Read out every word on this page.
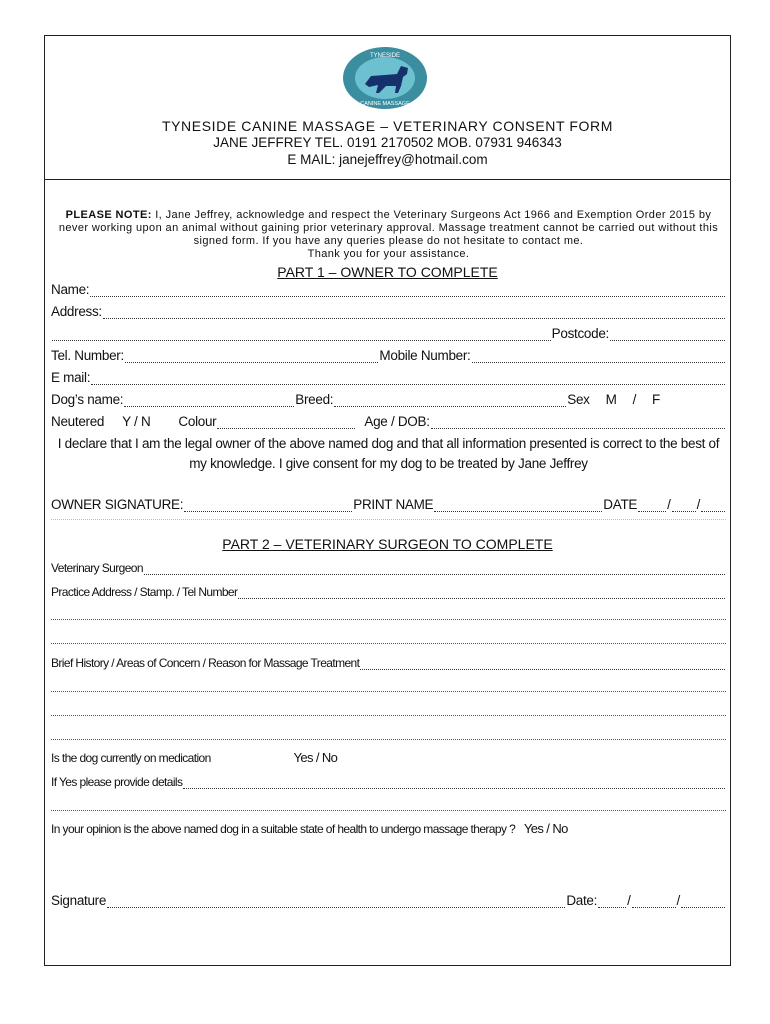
TYNESIDE
CANINE MASSAGE
TYNESIDE CANINE MASSAGE – VETERINARY CONSENT FORM
JANE JEFFREY TEL. 0191 2170502 MOB. 07931 946343
E MAIL: janejeffrey@hotmail.com
PLEASE NOTE: I, Jane Jeffrey, acknowledge and respect the Veterinary Surgeons Act 1966 and Exemption Order 2015 by never working upon an animal without gaining prior veterinary approval. Massage treatment cannot be carried out without this signed form. If you have any queries please do not hesitate to contact me.
Thank you for your assistance.
PART 1 – OWNER TO COMPLETE
Name:
Address:
Postcode:
Tel. Number:	Mobile Number:
E mail:
Dog’s name:	Breed:	Sex M / F
Neutered Y / N Colour	Age / DOB:
I declare that I am the legal owner of the above named dog and that all information presented is correct to the best of my knowledge. I give consent for my dog to be treated by Jane Jeffrey
OWNER SIGNATURE:	PRINT NAME	DATE / /
PART 2 – VETERINARY SURGEON TO COMPLETE
Veterinary Surgeon
Practice Address / Stamp. / Tel Number
Brief History / Areas of Concern / Reason for Massage Treatment
Is the dog currently on medication	Yes / No
If Yes please provide details
In your opinion is the above named dog in a suitable state of health to undergo massage therapy ? Yes / No
Signature	Date: /	/
